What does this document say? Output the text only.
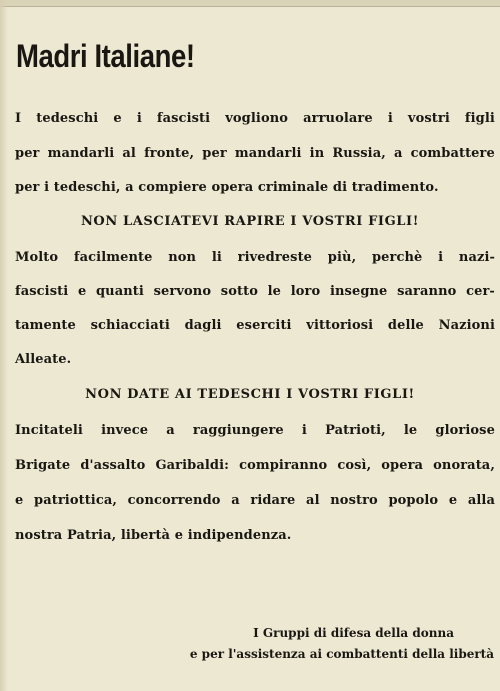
Madri Italiane!
I tedeschi e i fascisti vogliono arruolare i vostri figli
per mandarli al fronte, per mandarli in Russia, a combattere
per i tedeschi, a compiere opera criminale di tradimento.
NON LASCIATEVI RAPIRE I VOSTRI FIGLI!
Molto facilmente non li rivedreste più, perchè i nazi-
fascisti e quanti servono sotto le loro insegne saranno cer-
tamente schiacciati dagli eserciti vittoriosi delle Nazioni
Alleate.
NON DATE AI TEDESCHI I VOSTRI FIGLI!
Incitateli invece a raggiungere i Patrioti, le gloriose
Brigate d'assalto Garibaldi: compiranno così, opera onorata,
e patriottica, concorrendo a ridare al nostro popolo e alla
nostra Patria, libertà e indipendenza.
I Gruppi di difesa della donna
e per l'assistenza ai combattenti della libertà
